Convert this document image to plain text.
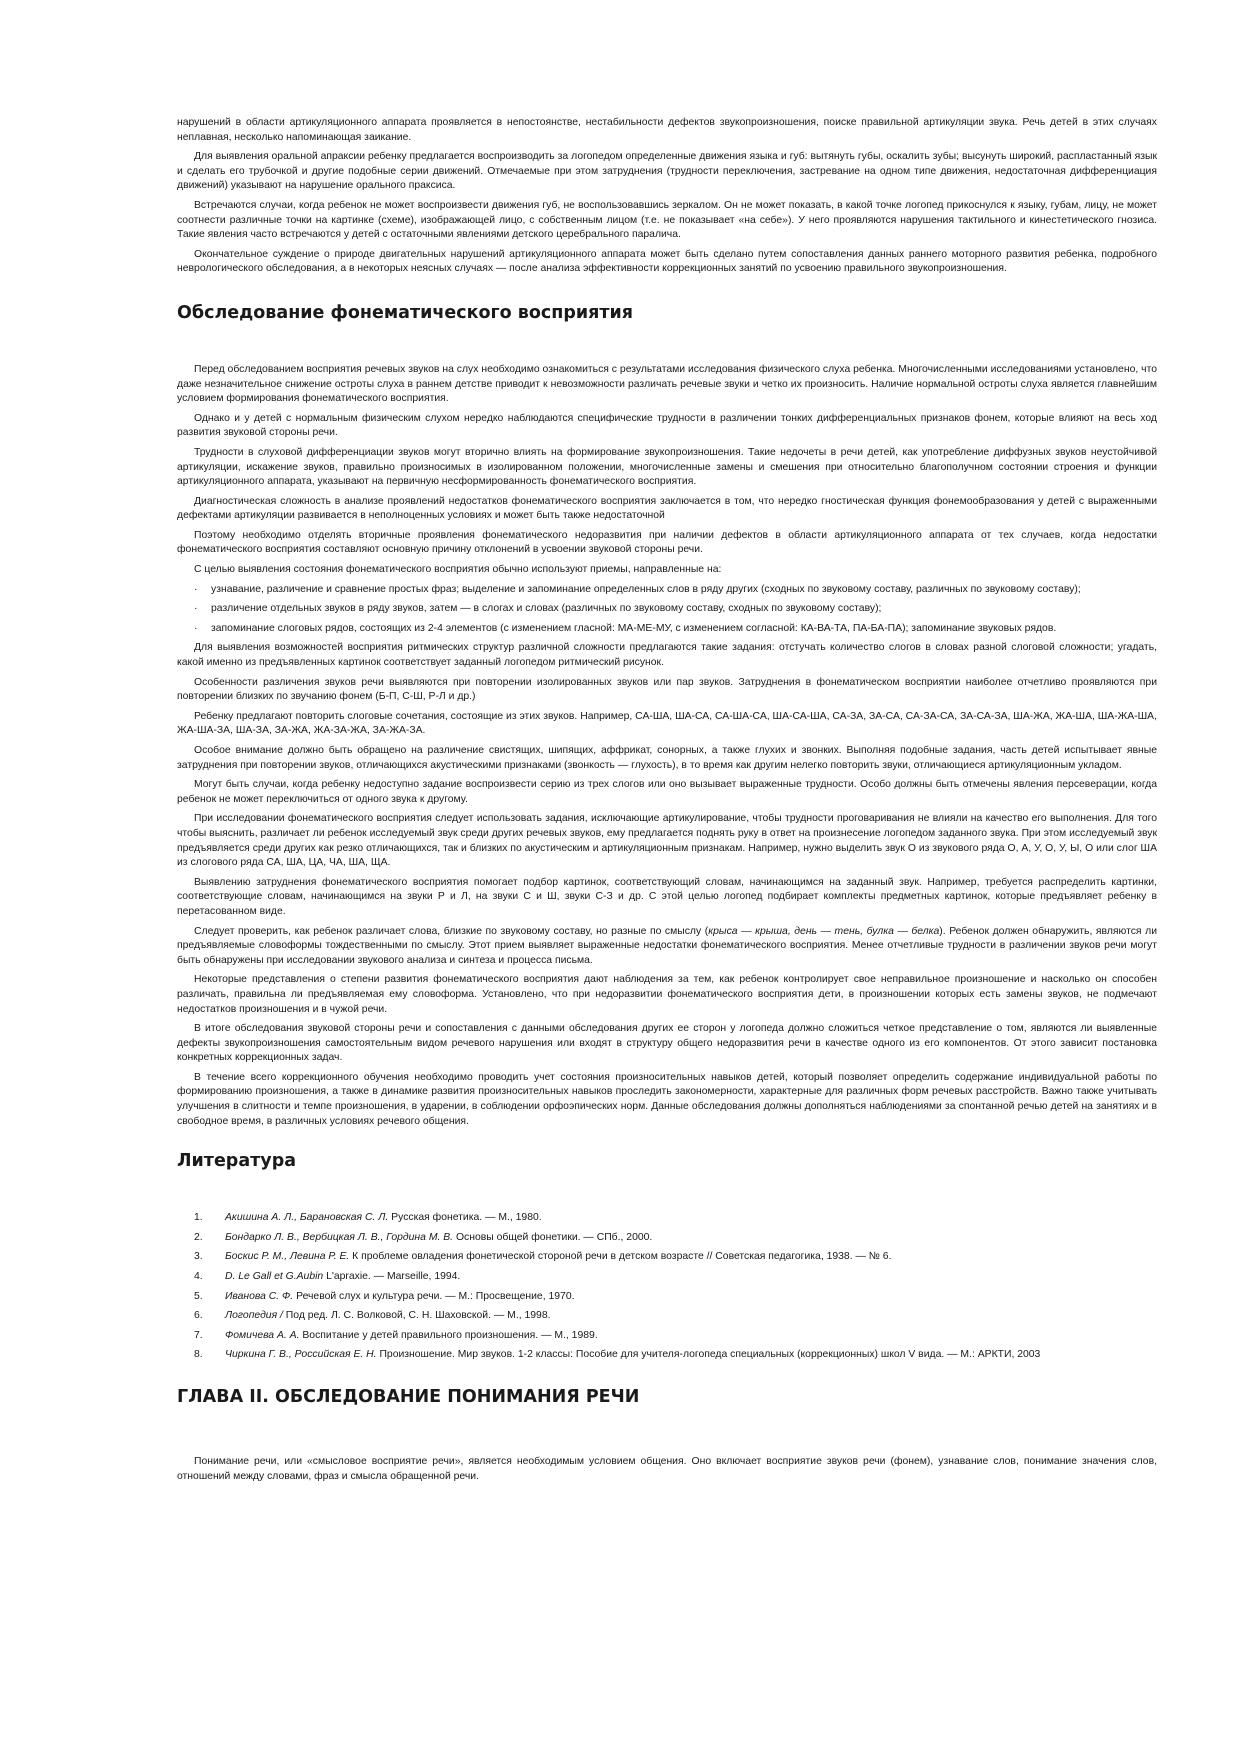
нарушений в области артикуляционного аппарата проявляется в непостоянстве, нестабильности дефектов звукопроизношения, поиске правильной артикуляции звука. Речь детей в этих случаях неплавная, несколько напоминающая заикание.

Для выявления оральной апраксии ребенку предлагается воспроизводить за логопедом определенные движения языка и губ: вытянуть губы, оскалить зубы; высунуть широкий, распластанный язык и сделать его трубочкой и другие подобные серии движений. Отмечаемые при этом затруднения (трудности переключения, застревание на одном типе движения, недостаточная дифференциация движений) указывают на нарушение орального праксиса.

Встречаются случаи, когда ребенок не может воспроизвести движения губ, не воспользовавшись зеркалом. Он не может показать, в какой точке логопед прикоснулся к языку, губам, лицу, не может соотнести различные точки на картинке (схеме), изображающей лицо, с собственным лицом (т.е. не показывает «на себе»). У него проявляются нарушения тактильного и кинестетического гнозиса. Такие явления часто встречаются у детей с остаточными явлениями детского церебрального паралича.

Окончательное суждение о природе двигательных нарушений артикуляционного аппарата может быть сделано путем сопоставления данных раннего моторного развития ребенка, подробного неврологического обследования, а в некоторых неясных случаях — после анализа эффективности коррекционных занятий по усвоению правильного звукопроизношения.

Обследование фонематического восприятия

Перед обследованием восприятия речевых звуков на слух необходимо ознакомиться с результатами исследования физического слуха ребенка. Многочисленными исследованиями установлено, что даже незначительное снижение остроты слуха в раннем детстве приводит к невозможности различать речевые звуки и четко их произносить. Наличие нормальной остроты слуха является главнейшим условием формирования фонематического восприятия.

Однако и у детей с нормальным физическим слухом нередко наблюдаются специфические трудности в различении тонких дифференциальных признаков фонем, которые влияют на весь ход развития звуковой стороны речи.

Трудности в слуховой дифференциации звуков могут вторично влиять на формирование звукопроизношения. Такие недочеты в речи детей, как употребление диффузных звуков неустойчивой артикуляции, искажение звуков, правильно произносимых в изолированном положении, многочисленные замены и смешения при относительно благополучном состоянии строения и функции артикуляционного аппарата, указывают на первичную несформированность фонематического восприятия.

Диагностическая сложность в анализе проявлений недостатков фонематического восприятия заключается в том, что нередко гностическая функция фонемообразования у детей с выраженными дефектами артикуляции развивается в неполноценных условиях и может быть также недостаточной

Поэтому необходимо отделять вторичные проявления фонематического недоразвития при наличии дефектов в области артикуляционного аппарата от тех случаев, когда недостатки фонематического восприятия составляют основную причину отклонений в усвоении звуковой стороны речи.

С целью выявления состояния фонематического восприятия обычно используют приемы, направленные на:

·	узнавание, различение и сравнение простых фраз; выделение и запоминание определенных слов в ряду других (сходных по звуковому составу, различных по звуковому составу);
·	различение отдельных звуков в ряду звуков, затем — в слогах и словах (различных по звуковому составу, сходных по звуковому составу);
·	запоминание слоговых рядов, состоящих из 2-4 элементов (с изменением гласной: МА-МЕ-МУ, с изменением согласной: КА-ВА-ТА, ПА-БА-ПА); запоминание звуковых рядов.

Для выявления возможностей восприятия ритмических структур различной сложности предлагаются такие задания: отстучать количество слогов в словах разной слоговой сложности; угадать, какой именно из предъявленных картинок соответствует заданный логопедом ритмический рисунок.

Особенности различения звуков речи выявляются при повторении изолированных звуков или пар звуков. Затруднения в фонематическом восприятии наиболее отчетливо проявляются при повторении близких по звучанию фонем (Б-П, С-Ш, Р-Л и др.)

Ребенку предлагают повторить слоговые сочетания, состоящие из этих звуков. Например, СА-ША, ША-СА, СА-ША-СА, ША-СА-ША, СА-ЗА, ЗА-СА, СА-ЗА-СА, ЗА-СА-ЗА, ША-ЖА, ЖА-ША, ША-ЖА-ША, ЖА-ША-ЗА, ША-ЗА, ЗА-ЖА, ЖА-ЗА-ЖА, ЗА-ЖА-ЗА.

Особое внимание должно быть обращено на различение свистящих, шипящих, аффрикат, сонорных, а также глухих и звонких. Выполняя подобные задания, часть детей испытывает явные затруднения при повторении звуков, отличающихся акустическими признаками (звонкость — глухость), в то время как другим нелегко повторить звуки, отличающиеся артикуляционным укладом.

Могут быть случаи, когда ребенку недоступно задание воспроизвести серию из трех слогов или оно вызывает выраженные трудности. Особо должны быть отмечены явления персеверации, когда ребенок не может переключиться от одного звука к другому.

При исследовании фонематического восприятия следует использовать задания, исключающие артикулирование, чтобы трудности проговаривания не влияли на качество его выполнения. Для того чтобы выяснить, различает ли ребенок исследуемый звук среди других речевых звуков, ему предлагается поднять руку в ответ на произнесение логопедом заданного звука. При этом исследуемый звук предъявляется среди других как резко отличающихся, так и близких по акустическим и артикуляционным признакам. Например, нужно выделить звук О из звукового ряда О, А, У, О, У, Ы, О или слог ША из слогового ряда СА, ША, ЦА, ЧА, ША, ЩА.

Выявлению затруднения фонематического восприятия помогает подбор картинок, соответствующий словам, начинающимся на заданный звук. Например, требуется распределить картинки, соответствующие словам, начинающимся на звуки Р и Л, на звуки С и Ш, звуки С-З и др. С этой целью логопед подбирает комплекты предметных картинок, которые предъявляет ребенку в перетасованном виде.

Следует проверить, как ребенок различает слова, близкие по звуковому составу, но разные по смыслу (крыса — крыша, день — тень, булка — белка). Ребенок должен обнаружить, являются ли предъявляемые словоформы тождественными по смыслу. Этот прием выявляет выраженные недостатки фонематического восприятия. Менее отчетливые трудности в различении звуков речи могут быть обнаружены при исследовании звукового анализа и синтеза и процесса письма.

Некоторые представления о степени развития фонематического восприятия дают наблюдения за тем, как ребенок контролирует свое неправильное произношение и насколько он способен различать, правильна ли предъявляемая ему словоформа. Установлено, что при недоразвитии фонематического восприятия дети, в произношении которых есть замены звуков, не подмечают недостатков произношения и в чужой речи.

В итоге обследования звуковой стороны речи и сопоставления с данными обследования других ее сторон у логопеда должно сложиться четкое представление о том, являются ли выявленные дефекты звукопроизношения самостоятельным видом речевого нарушения или входят в структуру общего недоразвития речи в качестве одного из его компонентов. От этого зависит постановка конкретных коррекционных задач.

В течение всего коррекционного обучения необходимо проводить учет состояния произносительных навыков детей, который позволяет определить содержание индивидуальной работы по формированию произношения, а также в динамике развития произносительных навыков проследить закономерности, характерные для различных форм речевых расстройств. Важно также учитывать улучшения в слитности и темпе произношения, в ударении, в соблюдении орфоэпических норм. Данные обследования должны дополняться наблюдениями за спонтанной речью детей на занятиях и в свободное время, в различных условиях речевого общения.

Литература
1. Акишина А. Л., Барановская С. Л. Русская фонетика. — М., 1980.
2. Бондарко Л. В., Вербицкая Л. В., Гордина М. В. Основы общей фонетики. — СПб., 2000.
3. Боскис Р. М., Левина Р. Е. К проблеме овладения фонетической стороной речи в детском возрасте // Советская педагогика, 1938. — № 6.
4. D. Le Gall et G.Aubin L'apraxie. — Marseille, 1994.
5. Иванова С. Ф. Речевой слух и культура речи. — М.: Просвещение, 1970.
6. Логопедия / Под ред. Л. С. Волковой, С. Н. Шаховской. — М., 1998.
7. Фомичева А. А. Воспитание у детей правильного произношения. — М., 1989.
8. Чиркина Г. В., Российская Е. Н. Произношение. Мир звуков. 1-2 классы: Пособие для учителя-логопеда специальных (коррекционных) школ V вида. — М.: АРКТИ, 2003
ГЛАВА II. ОБСЛЕДОВАНИЕ ПОНИМАНИЯ РЕЧИ

Понимание речи, или «смысловое восприятие речи», является необходимым условием общения. Оно включает восприятие звуков речи (фонем), узнавание слов, понимание значения слов, отношений между словами, фраз и смысла обращенной речи.
